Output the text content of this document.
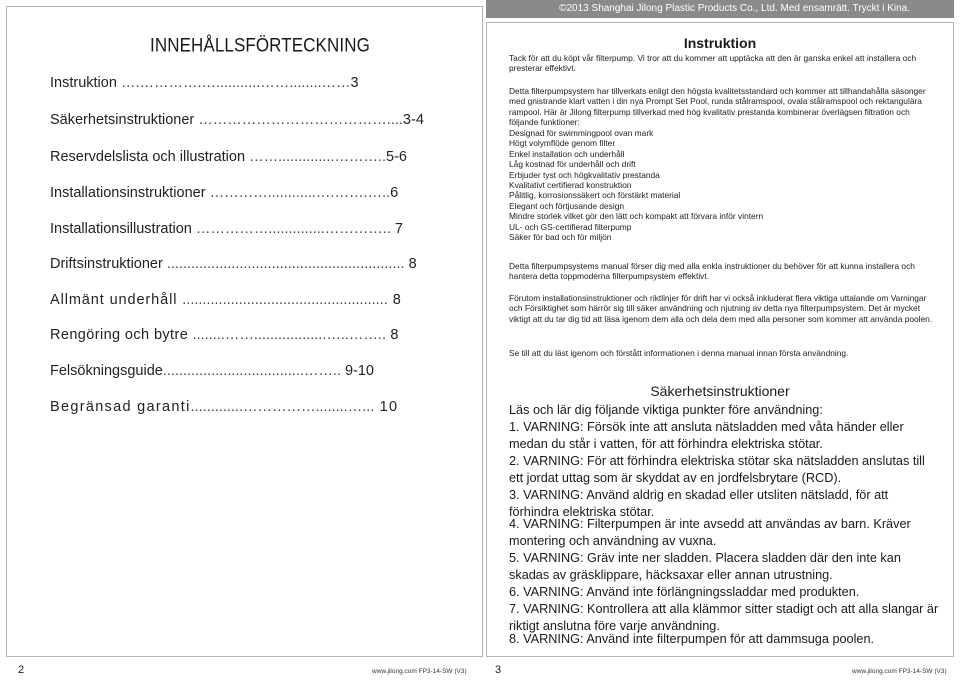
©2013 Shanghai Jilong Plastic Products Co., Ltd. Med ensamrätt. Tryckt i Kina.
INNEHÅLLSFÖRTECKNING
Instruktion ….………….…...........……........……3
Säkerhetsinstruktioner …………………………………....3-4
Reservdelslista och illustration ……..............………..5-6
Installationsinstruktioner …………............….…….…..6
Installationsillustration ……………..............………….. 7
Driftsinstruktioner ........................................................... 8
Allmänt underhåll ................................................... 8
Rengöring och bytre ........……..................…..…….. 8
Felsökningsguide...................................…….. 9-10
Begränsad garanti.............……………........…... 10
Instruktion

Tack för att du köpt vår filterpump. Vi tror att du kommer att upptäcka att den är ganska enkel att installera och presterar effektivt.

Detta filterpumpsystem har tillverkats enligt den högsta kvalitetsstandard och kommer att tillhandahålla säsonger med gnistrande klart vatten i din nya Prompt Set Pool, runda stålramspool, ovala stålramspool och rektangulära rampool. Här är Jilong filterpump tillverkad med hög kvalitativ prestanda kombinerar överlägsen filtration och följande funktioner:

Designad för swimmingpool ovan mark
Högt volymflöde genom filter
Enkel installation och underhåll
Låg kostnad för underhåll och drift
Erbjuder tyst och högkvalitativ prestanda
Kvalitativt certifierad konstruktion
Pålitlig, korrosionssäkert och förstärkt material
Elegant och förtjusande design
Mindre storlek vilket gör den lätt och kompakt att förvara inför vintern
UL- och GS-certifierad filterpump
Säker för bad och för miljön

Detta filterpumpsystems manual förser dig med alla enkla instruktioner du behöver för att kunna installera och hantera detta toppmoderna filterpumpsystem effektivt.

Förutom installationsinstruktioner och riktlinjer för drift har vi också inkluderat flera viktiga uttalande om Varningar och Försiktighet som härrör sig till säker användning och njutning av detta nya filterpumpsystem. Det är mycket viktigt att du tar dig tid att läsa igenom dem alla och dela dem med alla personer som kommer att använda poolen.

Se till att du läst igenom och förstått informationen i denna manual innan första användning.

Säkerhetsinstruktioner

Läs och lär dig följande viktiga punkter före användning:

1. VARNING: Försök inte att ansluta nätsladden med våta händer eller medan du står i vatten, för att förhindra elektriska stötar.

2. VARNING: För att förhindra elektriska stötar ska nätsladden anslutas till ett jordat uttag som är skyddat av en jordfelsbrytare (RCD).

3. VARNING: Använd aldrig en skadad eller utsliten nätsladd, för att förhindra elektriska stötar.

4. VARNING: Filterpumpen är inte avsedd att användas av barn. Kräver montering och användning av vuxna.

5. VARNING: Gräv inte ner sladden. Placera sladden där den inte kan skadas av gräsklippare, häcksaxar eller annan utrustning.

6. VARNING: Använd inte förlängningssladdar med produkten.

7. VARNING: Kontrollera att alla klämmor sitter stadigt och att alla slangar är riktigt anslutna före varje användning.

8. VARNING: Använd inte filterpumpen för att dammsuga poolen.

2	www.jilong.com FP3-14-SW (V3)	3	www.jilong.com FP3-14-SW (V3)
